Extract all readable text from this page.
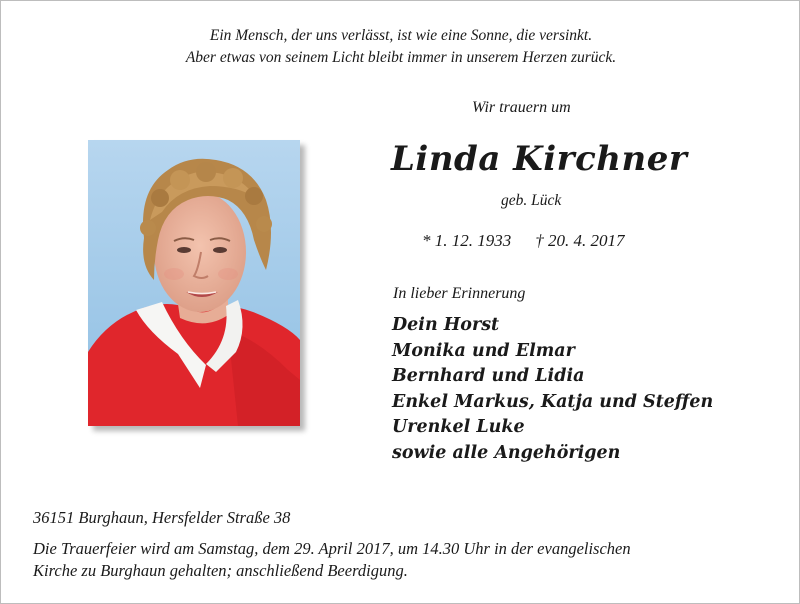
Ein Mensch, der uns verlässt, ist wie eine Sonne, die versinkt.
Aber etwas von seinem Licht bleibt immer in unserem Herzen zurück.
Wir trauern um
Linda Kirchner
geb. Lück
* 1. 12. 1933 † 20. 4. 2017
In lieber Erinnerung
Dein Horst
Monika und Elmar
Bernhard und Lidia
Enkel Markus, Katja und Steffen
Urenkel Luke
sowie alle Angehörigen
36151 Burghaun, Hersfelder Straße 38
Die Trauerfeier wird am Samstag, dem 29. April 2017, um 14.30 Uhr in der evangelischen
Kirche zu Burghaun gehalten; anschließend Beerdigung.
